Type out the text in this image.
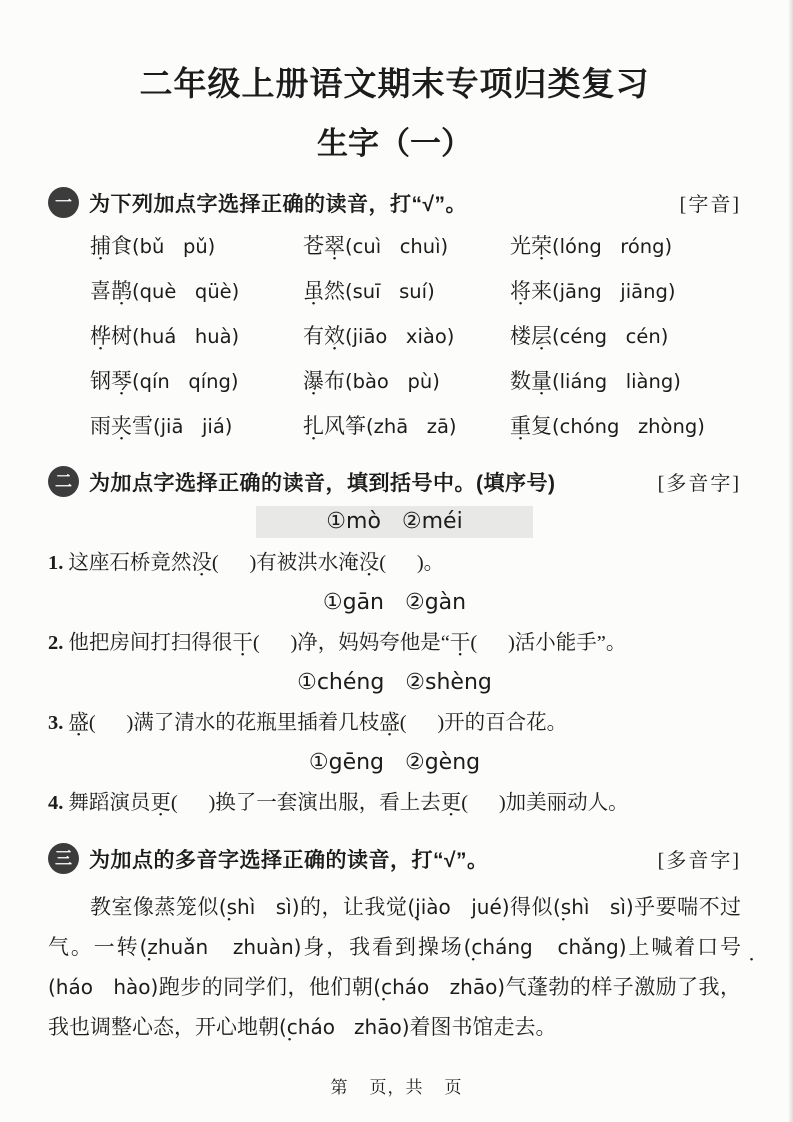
二年级上册语文期末专项归类复习
生字（一）
一 为下列加点字选择正确的读音，打“√”。	[字音]
捕食(bǔ   pǔ)	苍翠(cuì   chuì)	光荣(lóng   róng)
喜鹊(què   qüè)	虽然(suī   suí)	将来(jāng   jiāng)
桦树(huá   huà)	有效(jiāo   xiào)	楼层(céng   cén)
钢琴(qín   qíng)	瀑布(bào   pù)	数量(liáng   liàng)
雨夹雪(jiā   jiá)	扎风筝(zhā   zā)	重复(chóng   zhòng)
二 为加点字选择正确的读音，填到括号中。(填序号)	[多音字]
①mò   ②méi
1. 这座石桥竟然没(      )有被洪水淹没(      )。
①gān   ②gàn
2. 他把房间打扫得很干(      )净，妈妈夸他是“干(      )活小能手”。
①chéng   ②shèng
3. 盛(      )满了清水的花瓶里插着几枝盛(      )开的百合花。
①gēng   ②gèng
4. 舞蹈演员更(      )换了一套演出服，看上去更(      )加美丽动人。
三 为加点的多音字选择正确的读音，打“√”。	[多音字]

教室像蒸笼似(shì   sì)的，让我觉(jiào   jué)得似(shì   sì)乎要喘不过气。一转(zhuǎn   zhuàn)身，我看到操场(cháng   chǎng)上喊着口号(háo   hào)跑步的同学们，他们朝(cháo   zhāo)气蓬勃的样子激励了我，我也调整心态，开心地朝(cháo   zhāo)着图书馆走去。

第    页，共    页
